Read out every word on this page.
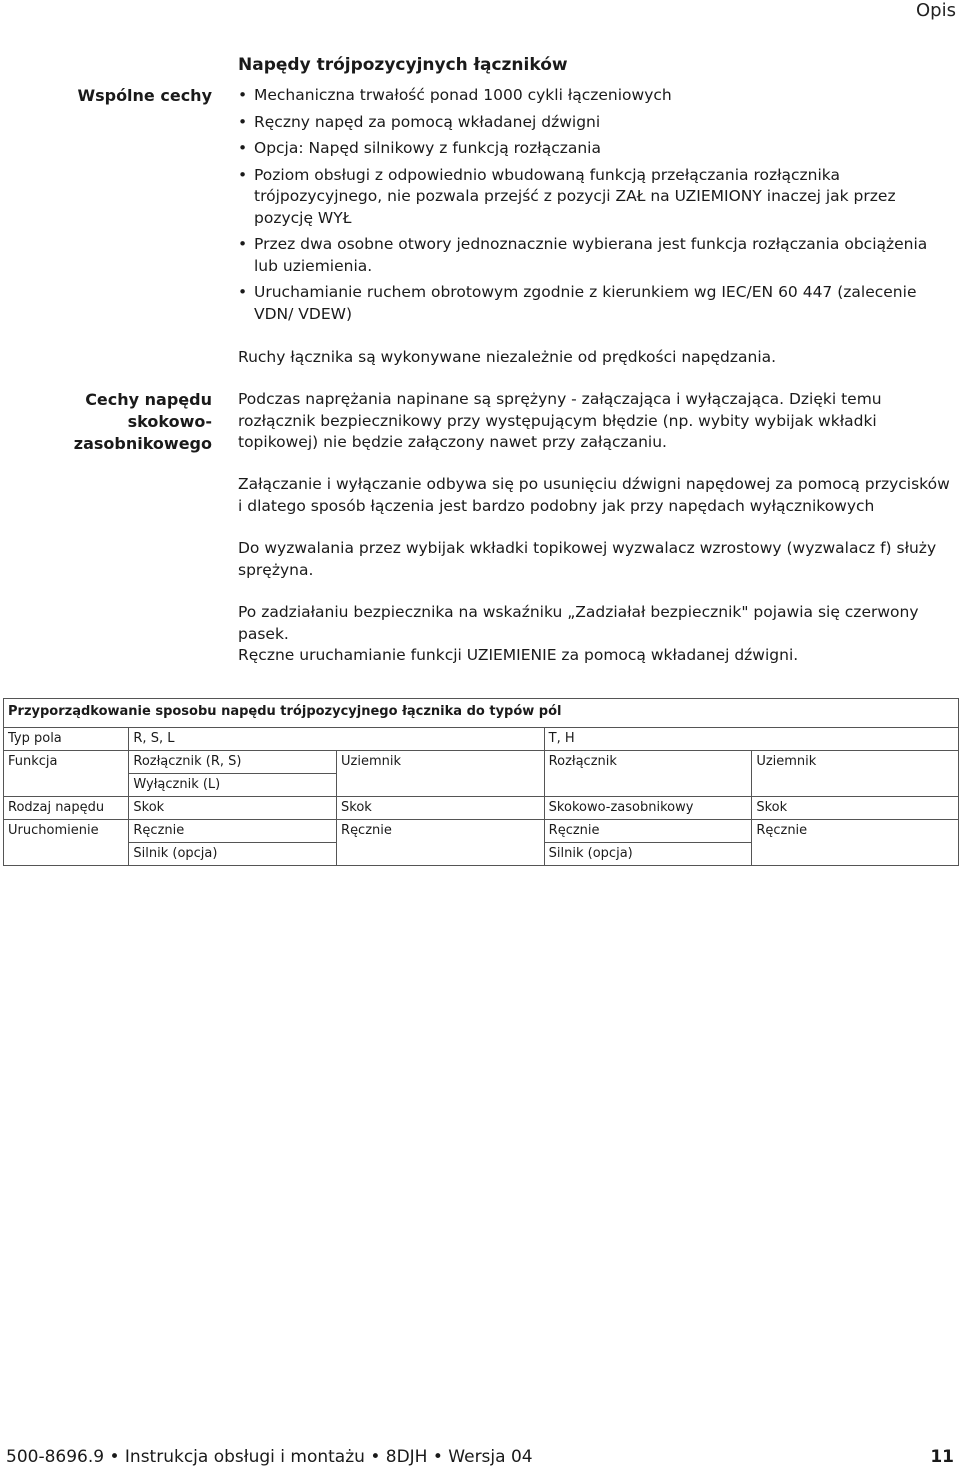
Opis
Wspólne cechy
Napędy trójpozycyjnych łączników
• Mechaniczna trwałość ponad 1000 cykli łączeniowych
• Ręczny napęd za pomocą wkładanej dźwigni
• Opcja: Napęd silnikowy z funkcją rozłączania
• Poziom obsługi z odpowiednio wbudowaną funkcją przełączania rozłącznika trójpozycyjnego, nie pozwala przejść z pozycji ZAŁ na UZIEMIONY inaczej jak przez pozycję WYŁ
• Przez dwa osobne otwory jednoznacznie wybierana jest funkcja rozłączania obciążenia lub uziemienia.
• Uruchamianie ruchem obrotowym zgodnie z kierunkiem wg IEC/EN 60 447 (zalecenie VDN/ VDEW)
Ruchy łącznika są wykonywane niezależnie od prędkości napędzania.
Cechy napędu skokowo-zasobnikowego
Podczas naprężania napinane są sprężyny - załączająca i wyłączająca. Dzięki temu rozłącznik bezpiecznikowy przy występującym błędzie (np. wybity wybijak wkładki topikowej) nie będzie załączony nawet przy załączaniu.
Załączanie i wyłączanie odbywa się po usunięciu dźwigni napędowej za pomocą przycisków i dlatego sposób łączenia jest bardzo podobny jak przy napędach wyłącznikowych
Do wyzwalania przez wybijak wkładki topikowej wyzwalacz wzrostowy (wyzwalacz f) służy sprężyna.
Po zadziałaniu bezpiecznika na wskaźniku „Zadziałał bezpiecznik" pojawia się czerwony pasek.
Ręczne uruchamianie funkcji UZIEMIENIE za pomocą wkładanej dźwigni.
Przyporządkowanie sposobu napędu trójpozycyjnego łącznika do typów pól				
Typ pola	R, S, L		T, H	
Funkcja	Rozłącznik (R, S)	Uziemnik	Rozłącznik	Uziemnik
	Wyłącznik (L)			
Rodzaj napędu	Skok	Skok	Skokowo-zasobnikowy	Skok
Uruchomienie	Ręcznie	Ręcznie	Ręcznie	Ręcznie
	Silnik (opcja)		Silnik (opcja)	
500-8696.9 • Instrukcja obsługi i montażu • 8DJH • Wersja 04	11
